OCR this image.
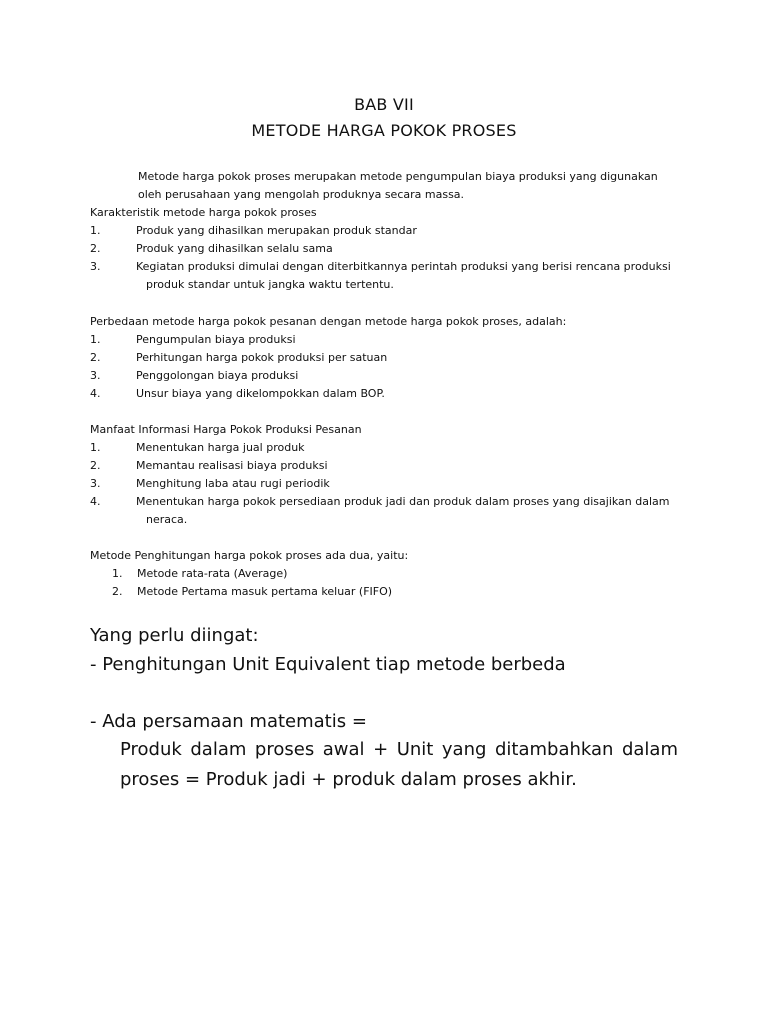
BAB VII
METODE HARGA POKOK PROSES
Metode harga pokok proses merupakan metode pengumpulan biaya produksi yang digunakan oleh perusahaan yang mengolah produknya secara massa.
Karakteristik metode harga pokok proses
1.	Produk yang dihasilkan merupakan produk standar
2.	Produk yang dihasilkan selalu sama
3.	Kegiatan produksi dimulai dengan diterbitkannya perintah produksi yang berisi rencana produksi produk standar untuk jangka waktu tertentu.
Perbedaan metode harga pokok pesanan dengan metode harga pokok proses, adalah:
1.	Pengumpulan biaya produksi
2.	Perhitungan harga pokok produksi per satuan
3.	Penggolongan biaya produksi
4.	Unsur biaya yang dikelompokkan dalam BOP.
Manfaat Informasi Harga Pokok Produksi Pesanan
1.	Menentukan harga jual produk
2.	Memantau realisasi biaya produksi
3.	Menghitung laba atau rugi periodik
4.	Menentukan harga pokok persediaan produk jadi dan produk dalam proses yang disajikan dalam neraca.
Metode Penghitungan harga pokok proses ada dua, yaitu:
1. Metode rata-rata (Average)
2. Metode Pertama masuk pertama keluar (FIFO)
Yang perlu diingat:
- Penghitungan Unit Equivalent tiap metode berbeda
- Ada persamaan matematis =
Produk dalam proses awal + Unit yang ditambahkan dalam proses = Produk jadi + produk dalam proses akhir.
